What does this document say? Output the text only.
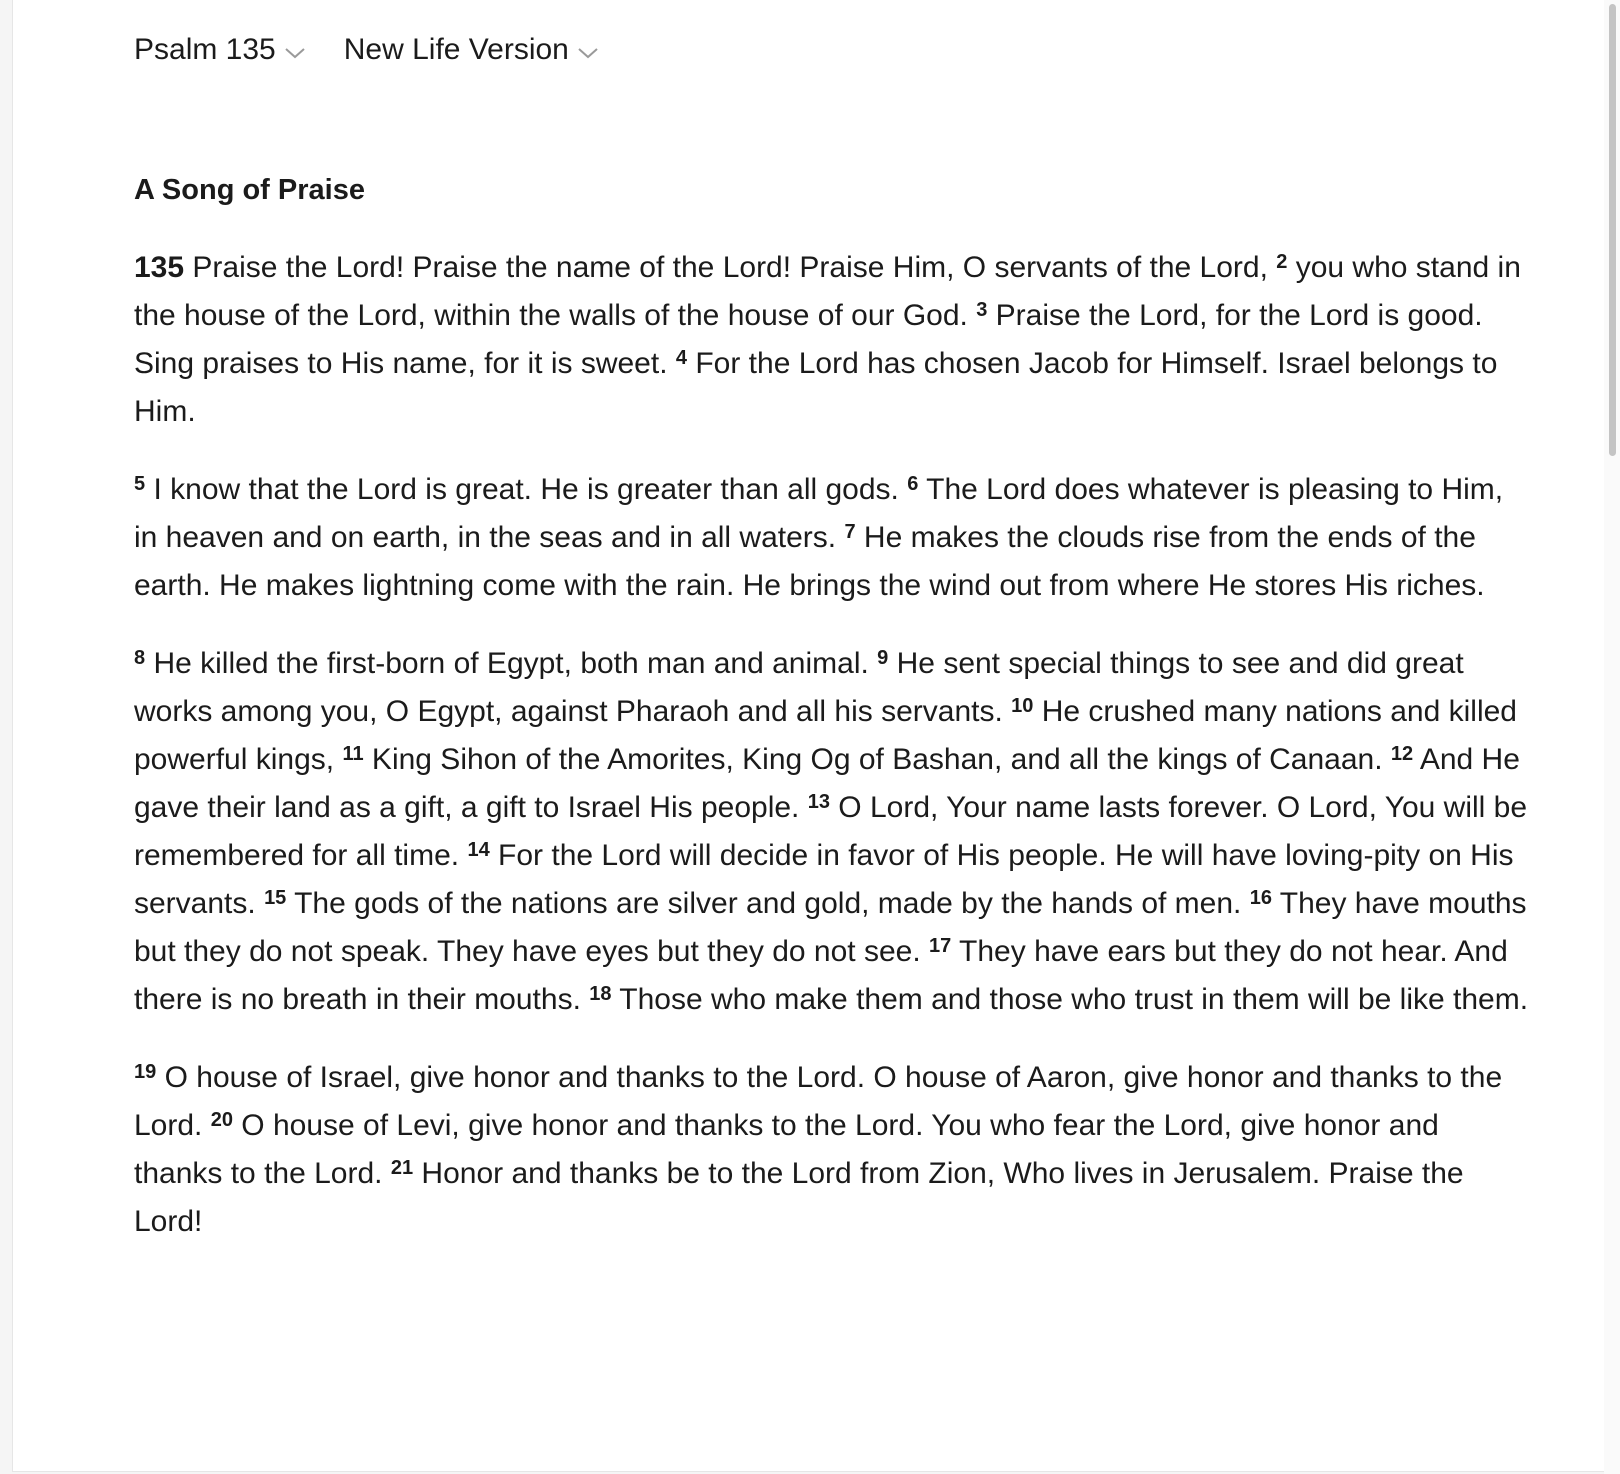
Psalm 135 New Life Version
A Song of Praise

135 Praise the Lord! Praise the name of the Lord! Praise Him, O servants of the Lord, $^2$ you who stand in the house of the Lord, within the walls of the house of our God. $^3$ Praise the Lord, for the Lord is good. Sing praises to His name, for it is sweet. $^4$ For the Lord has chosen Jacob for Himself. Israel belongs to Him.

$^5$ I know that the Lord is great. He is greater than all gods. $^6$ The Lord does whatever is pleasing to Him, in heaven and on earth, in the seas and in all waters. $^7$ He makes the clouds rise from the ends of the earth. He makes lightning come with the rain. He brings the wind out from where He stores His riches.

$^8$ He killed the first-born of Egypt, both man and animal. $^9$ He sent special things to see and did great works among you, O Egypt, against Pharaoh and all his servants. $^{10}$ He crushed many nations and killed powerful kings, $^{11}$ King Sihon of the Amorites, King Og of Bashan, and all the kings of Canaan. $^{12}$ And He gave their land as a gift, a gift to Israel His people. $^{13}$ O Lord, Your name lasts forever. O Lord, You will be remembered for all time. $^{14}$ For the Lord will decide in favor of His people. He will have loving-pity on His servants. $^{15}$ The gods of the nations are silver and gold, made by the hands of men. $^{16}$ They have mouths but they do not speak. They have eyes but they do not see. $^{17}$ They have ears but they do not hear. And there is no breath in their mouths. $^{18}$ Those who make them and those who trust in them will be like them.

$^{19}$ O house of Israel, give honor and thanks to the Lord. O house of Aaron, give honor and thanks to the Lord. $^{20}$ O house of Levi, give honor and thanks to the Lord. You who fear the Lord, give honor and thanks to the Lord. $^{21}$ Honor and thanks be to the Lord from Zion, Who lives in Jerusalem. Praise the Lord!
